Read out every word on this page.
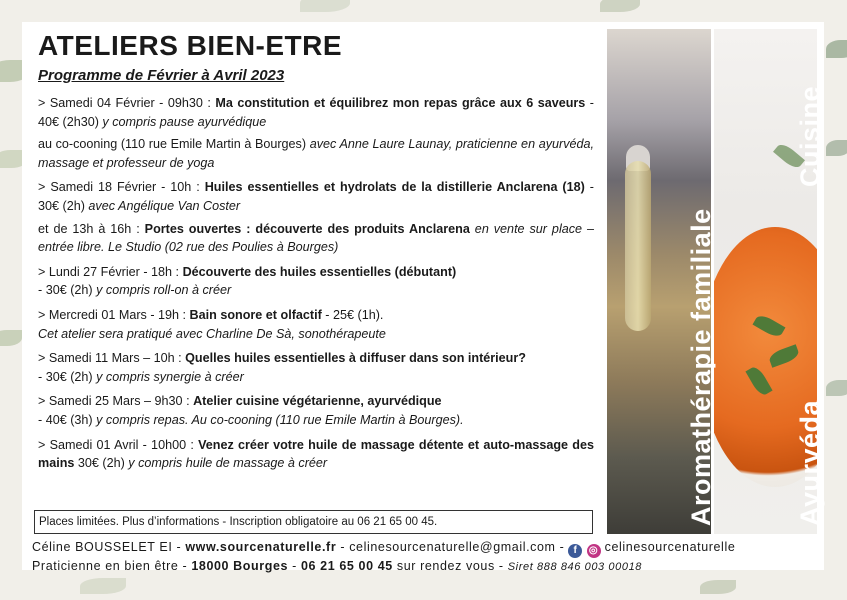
ATELIERS BIEN-ETRE
Programme de Février à Avril 2023

> Samedi 04 Février - 09h30 : Ma constitution et équilibrez mon repas grâce aux 6 saveurs - 40€ (2h30) y compris pause ayurvédique

au co-cooning (110 rue Emile Martin à Bourges) avec Anne Laure Launay, praticienne en ayurvéda, massage et professeur de yoga

> Samedi 18 Février - 10h : Huiles essentielles et hydrolats de la distillerie Anclarena (18) - 30€ (2h) avec Angélique Van Coster

et de 13h à 16h : Portes ouvertes : découverte des produits Anclarena en vente sur place – entrée libre. Le Studio (02 rue des Poulies à Bourges)

> Lundi 27 Février - 18h : Découverte des huiles essentielles (débutant)

- 30€ (2h) y compris roll-on à créer

> Mercredi 01 Mars - 19h : Bain sonore et olfactif - 25€ (1h).

Cet atelier sera pratiqué avec Charline De Sà, sonothérapeute

> Samedi 11 Mars – 10h : Quelles huiles essentielles à diffuser dans son intérieur?

- 30€ (2h) y compris synergie à créer

> Samedi 25 Mars – 9h30 : Atelier cuisine végétarienne, ayurvédique

- 40€ (3h) y compris repas. Au co-cooning (110 rue Emile Martin à Bourges).

> Samedi 01 Avril - 10h00 : Venez créer votre huile de massage détente et auto-massage des mains 30€ (2h) y compris huile de massage à créer

Places limitées. Plus d’informations - Inscription obligatoire au 06 21 65 00 45.
Céline BOUSSELET EI - www.sourcenaturelle.fr - celinesourcenaturelle@gmail.com - f ◎ celinesourcenaturelle
Praticienne en bien être - 18000 Bourges - 06 21 65 00 45 sur rendez vous - Siret 888 846 003 00018
Aromathérapie familiale	Ayurvéda
Cuisine
